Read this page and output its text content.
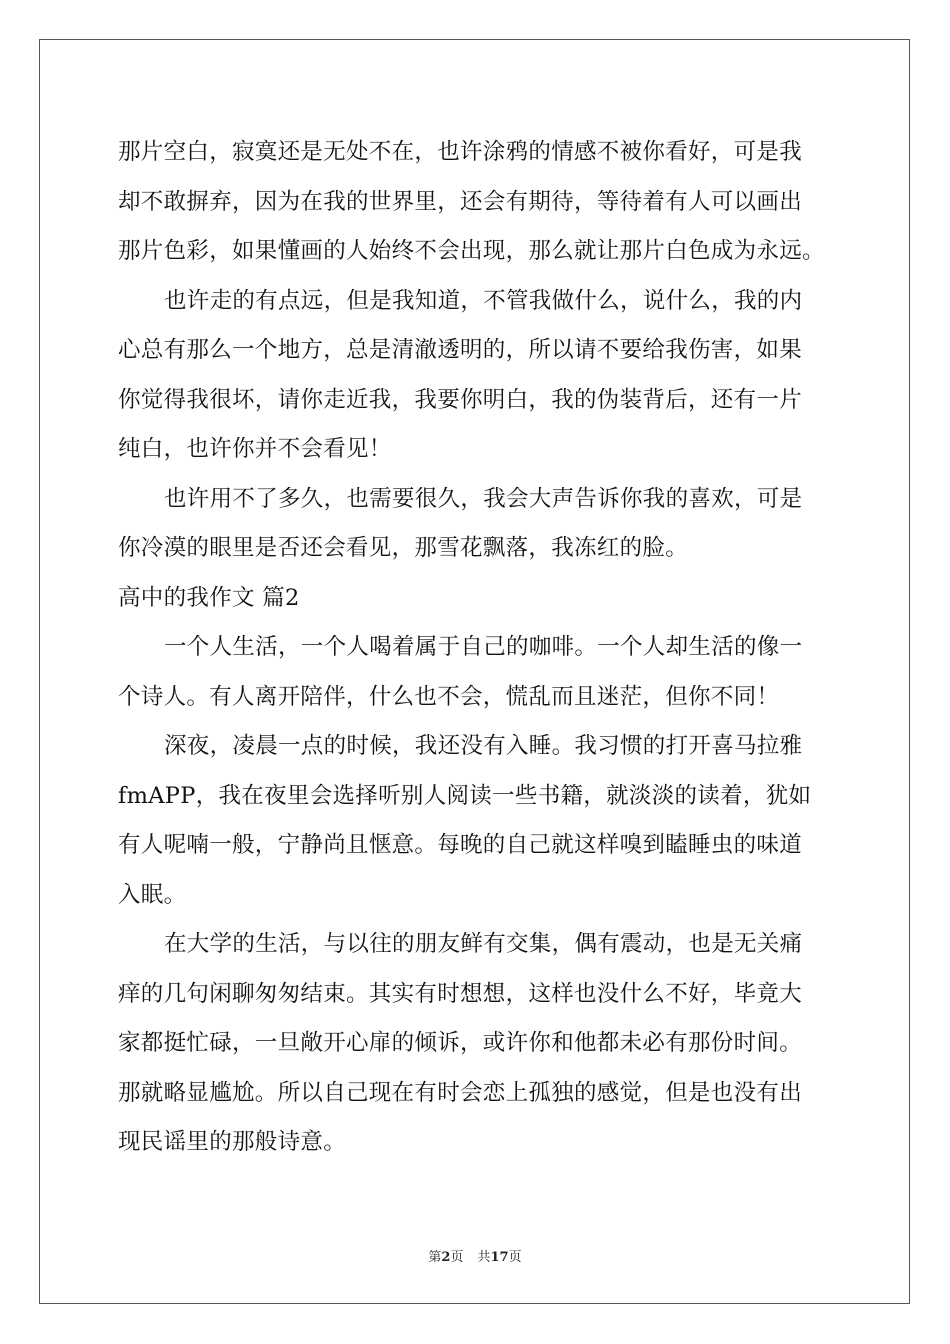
那片空白，寂寞还是无处不在，也许涂鸦的情感不被你看好，可是我
却不敢摒弃，因为在我的世界里，还会有期待，等待着有人可以画出
那片色彩，如果懂画的人始终不会出现，那么就让那片白色成为永远。
也许走的有点远，但是我知道，不管我做什么，说什么，我的内
心总有那么一个地方，总是清澈透明的，所以请不要给我伤害，如果
你觉得我很坏，请你走近我，我要你明白，我的伪装背后，还有一片
纯白，也许你并不会看见！
也许用不了多久，也需要很久，我会大声告诉你我的喜欢，可是
你冷漠的眼里是否还会看见，那雪花飘落，我冻红的脸。
高中的我作文 篇2
一个人生活，一个人喝着属于自己的咖啡。一个人却生活的像一
个诗人。有人离开陪伴，什么也不会，慌乱而且迷茫，但你不同！
深夜，凌晨一点的时候，我还没有入睡。我习惯的打开喜马拉雅
fmAPP，我在夜里会选择听别人阅读一些书籍，就淡淡的读着，犹如
有人呢喃一般，宁静尚且惬意。每晚的自己就这样嗅到瞌睡虫的味道
入眠。
在大学的生活，与以往的朋友鲜有交集，偶有震动，也是无关痛
痒的几句闲聊匆匆结束。其实有时想想，这样也没什么不好，毕竟大
家都挺忙碌，一旦敞开心扉的倾诉，或许你和他都未必有那份时间。
那就略显尴尬。所以自己现在有时会恋上孤独的感觉，但是也没有出
现民谣里的那般诗意。
第2页 共17页
